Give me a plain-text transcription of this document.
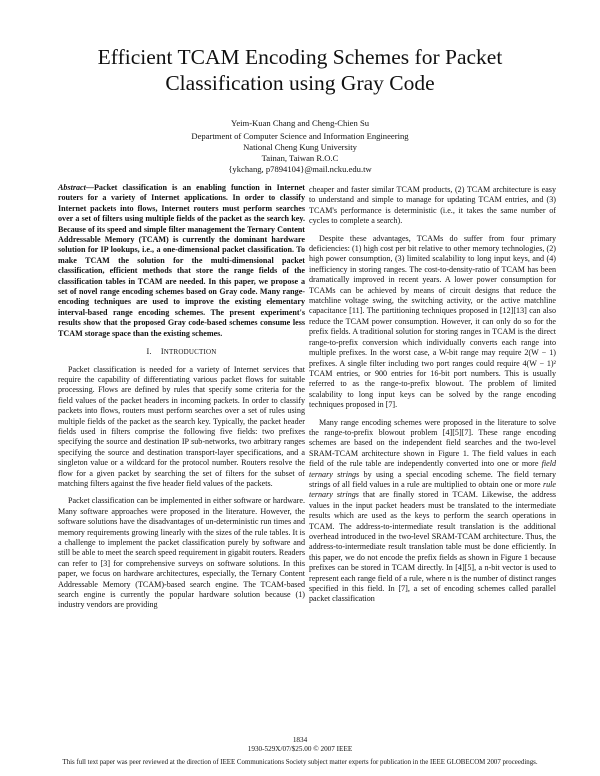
Efficient TCAM Encoding Schemes for Packet
Classification using Gray Code
Yeim-Kuan Chang and Cheng-Chien Su
Department of Computer Science and Information Engineering
National Cheng Kung University
Tainan, Taiwan R.O.C
{ykchang, p7894104}@mail.ncku.edu.tw

Abstract—Packet classification is an enabling function in Internet routers for a variety of Internet applications. In order to classify Internet packets into flows, Internet routers must perform searches over a set of filters using multiple fields of the packet as the search key. Because of its speed and simple filter management the Ternary Content Addressable Memory (TCAM) is currently the dominant hardware solution for IP lookups, i.e., a one-dimensional packet classification. To make TCAM the solution for the multi-dimensional packet classification, efficient methods that store the range fields of the classification tables in TCAM are needed. In this paper, we propose a set of novel range encoding schemes based on Gray code. Many range-encoding techniques are used to improve the existing elementary interval-based range encoding schemes. The present experiment's results show that the proposed Gray code-based schemes consume less TCAM storage space than the existing schemes.

I. INTRODUCTION

Packet classification is needed for a variety of Internet services that require the capability of differentiating various packet flows for suitable processing. Flows are defined by rules that specify some criteria for the field values of the packet headers in incoming packets. In order to classify packets into flows, routers must perform searches over a set of rules using multiple fields of the packet as the search key. Typically, the packet header fields used in filters comprise the following five fields: two prefixes specifying the source and destination IP sub-networks, two arbitrary ranges specifying the source and destination transport-layer specifications, and a singleton value or a wildcard for the protocol number. Routers resolve the flow for a given packet by searching the set of filters for the subset of matching filters against the five header field values of the packets.

Packet classification can be implemented in either software or hardware. Many software approaches were proposed in the literature. However, the software solutions have the disadvantages of un-deterministic run times and memory requirements growing linearly with the sizes of the rule tables. It is a challenge to implement the packet classification purely by software and still be able to meet the search speed requirement in gigabit routers. Readers can refer to [3] for comprehensive surveys on software solutions. In this paper, we focus on hardware architectures, especially, the Ternary Content Addressable Memory (TCAM)-based search engine. The TCAM-based search engine is currently the popular hardware solution because (1) industry vendors are providing

cheaper and faster similar TCAM products, (2) TCAM architecture is easy to understand and simple to manage for updating TCAM entries, and (3) TCAM's performance is deterministic (i.e., it takes the same number of cycles to complete a search).

Despite these advantages, TCAMs do suffer from four primary deficiencies: (1) high cost per bit relative to other memory technologies, (2) high power consumption, (3) limited scalability to long input keys, and (4) inefficiency in storing ranges. The cost-to-density-ratio of TCAM has been dramatically improved in recent years. A lower power consumption for TCAMs can be achieved by means of circuit designs that reduce the matchline voltage swing, the switching activity, or the active matchline capacitance [11]. The partitioning techniques proposed in [12][13] can also reduce the TCAM power consumption. However, it can only do so for the prefix fields. A traditional solution for storing ranges in TCAM is the direct range-to-prefix conversion which individually converts each range into multiple prefixes. In the worst case, a W-bit range may require 2(W − 1) prefixes. A single filter including two port ranges could require 4(W − 1)² TCAM entries, or 900 entries for 16-bit port numbers. This is usually referred to as the range-to-prefix blowout. The problem of limited scalability to long input keys can be solved by the range encoding techniques proposed in [7].

Many range encoding schemes were proposed in the literature to solve the range-to-prefix blowout problem [4][5][7]. These range encoding schemes are based on the independent field searches and the two-level SRAM-TCAM architecture shown in Figure 1. The field values in each field of the rule table are independently converted into one or more field ternary strings by using a special encoding scheme. The field ternary strings of all field values in a rule are multiplied to obtain one or more rule ternary strings that are finally stored in TCAM. Likewise, the address values in the input packet headers must be translated to the intermediate results which are used as the keys to perform the search operations in TCAM. The address-to-intermediate result translation is the additional overhead introduced in the two-level SRAM-TCAM architecture. Thus, the address-to-intermediate result translation table must be done efficiently. In this paper, we do not encode the prefix fields as shown in Figure 1 because prefixes can be stored in TCAM directly. In [4][5], a n-bit vector is used to represent each range field of a rule, where n is the number of distinct ranges specified in this field. In [7], a set of encoding schemes called parallel packet classification

1834
1930-529X/07/$25.00 © 2007 IEEE
This full text paper was peer reviewed at the direction of IEEE Communications Society subject matter experts for publication in the IEEE GLOBECOM 2007 proceedings.
